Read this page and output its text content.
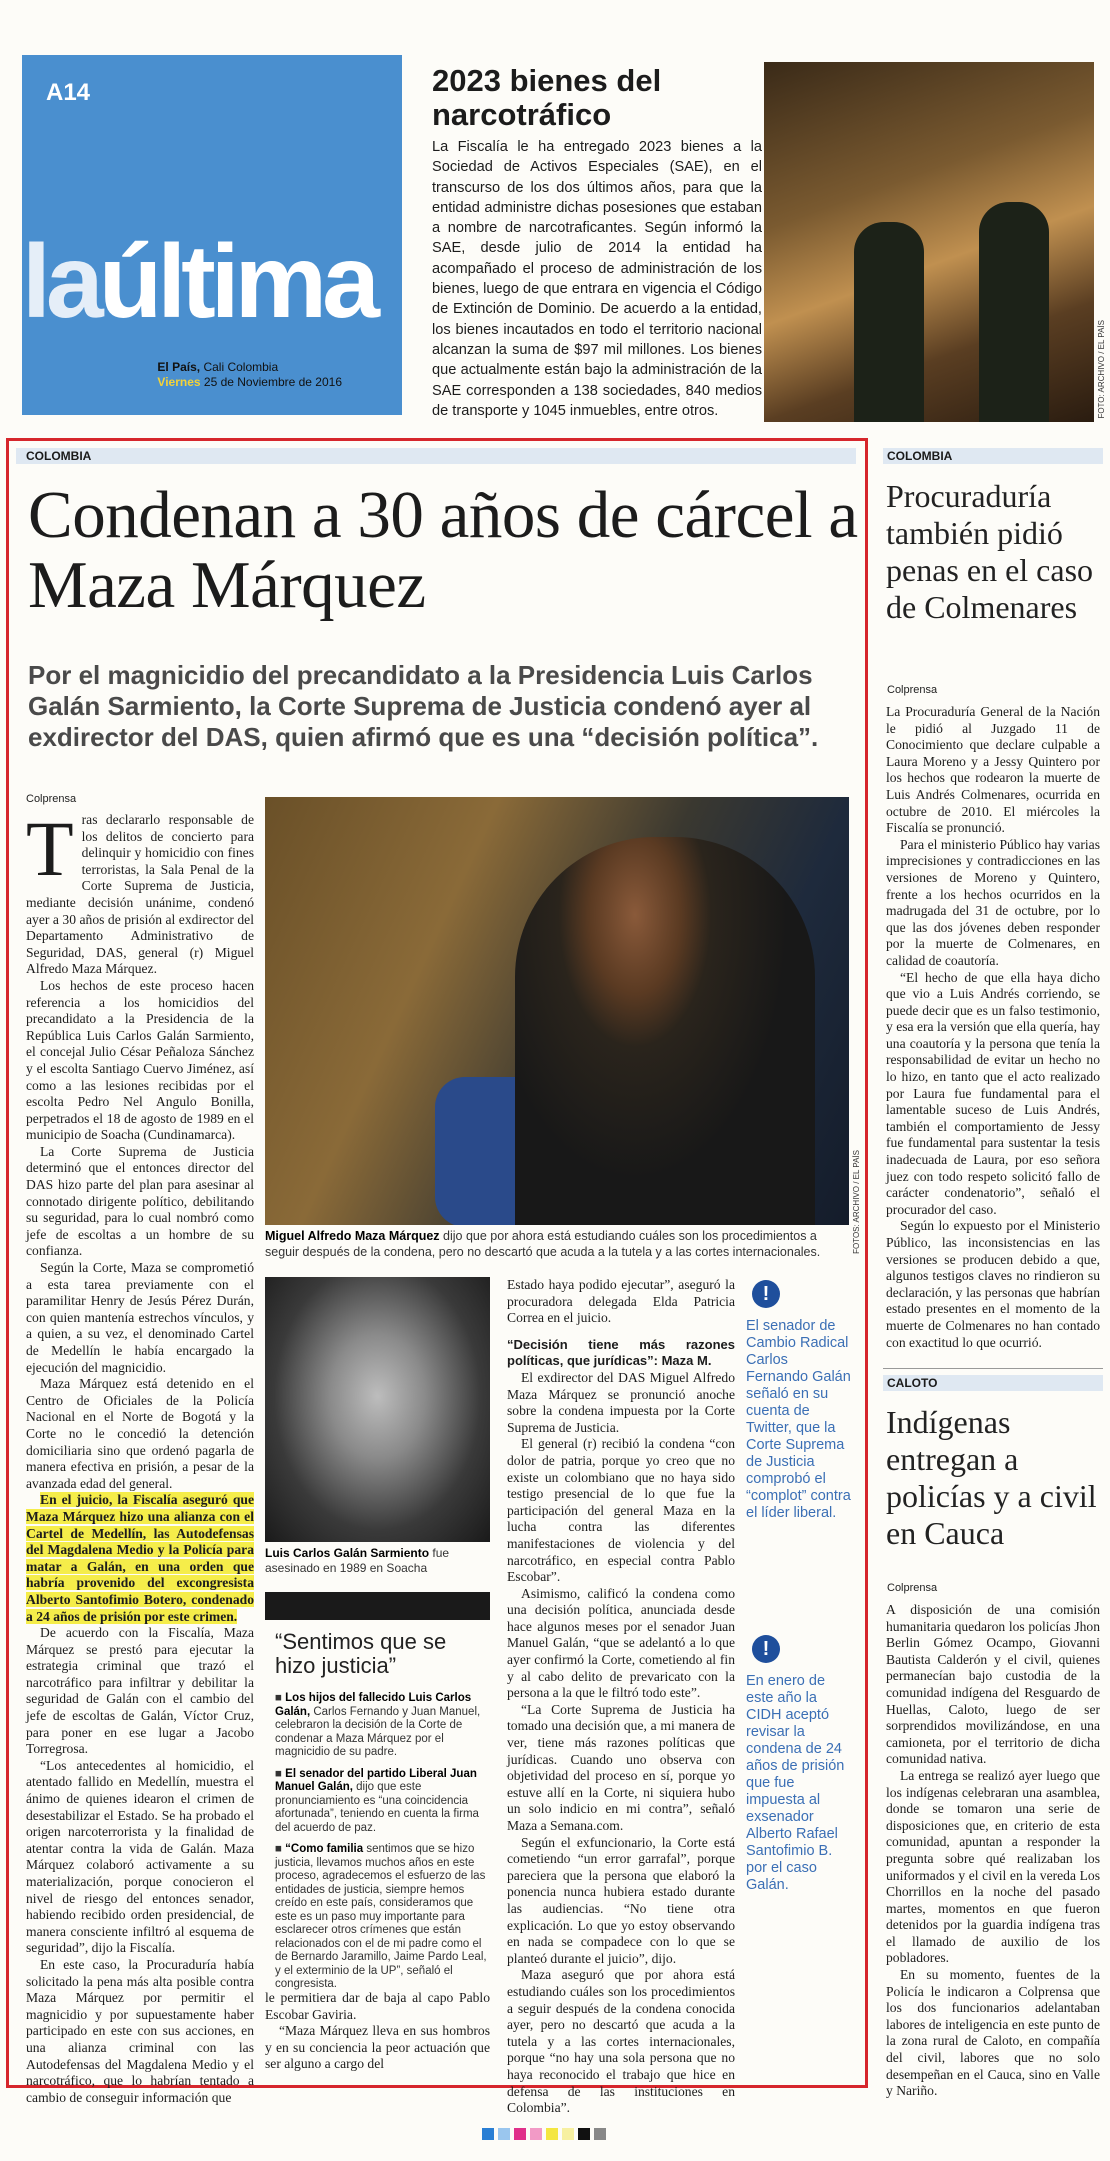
A14
laúltima
El País, Cali Colombia
Viernes 25 de Noviembre de 2016
2023 bienes del narcotráfico
La Fiscalía le ha entregado 2023 bienes a la Sociedad de Activos Especiales (SAE), en el transcurso de los dos últimos años, para que la entidad administre dichas posesiones que estaban a nombre de narcotraficantes. Según informó la SAE, desde julio de 2014 la entidad ha acompañado el proceso de administración de los bienes, luego de que entrara en vigencia el Código de Extinción de Dominio. De acuerdo a la entidad, los bienes incautados en todo el territorio nacional alcanzan la suma de $97 mil millones. Los bienes que actualmente están bajo la administración de la SAE corresponden a 138 sociedades, 840 medios de transporte y 1045 inmuebles, entre otros.	FOTO: ARCHIVO / EL PAÍS
COLOMBIA
Condenan a 30 años de cárcel a Maza Márquez
Por el magnicidio del precandidato a la Presidencia Luis Carlos Galán Sarmiento, la Corte Suprema de Justicia condenó ayer al exdirector del DAS, quien afirmó que es una “decisión política”.
Colprensa
T ras declararlo responsable de los delitos de concierto para delinquir y homicidio con fines terroristas, la Sala Penal de la Corte Suprema de Justicia, mediante decisión unánime, condenó ayer a 30 años de prisión al exdirector del Departamento Administrativo de Seguridad, DAS, general (r) Miguel Alfredo Maza Márquez.

Los hechos de este proceso hacen referencia a los homicidios del precandidato a la Presidencia de la República Luis Carlos Galán Sarmiento, el concejal Julio César Peñaloza Sánchez y el escolta Santiago Cuervo Jiménez, así como a las lesiones recibidas por el escolta Pedro Nel Angulo Bonilla, perpetrados el 18 de agosto de 1989 en el municipio de Soacha (Cundinamarca).

La Corte Suprema de Justicia determinó que el entonces director del DAS hizo parte del plan para asesinar al connotado dirigente político, debilitando su seguridad, para lo cual nombró como jefe de escoltas a un hombre de su confianza.

Según la Corte, Maza se comprometió a esta tarea previamente con el paramilitar Henry de Jesús Pérez Durán, con quien mantenía estrechos vínculos, y a quien, a su vez, el denominado Cartel de Medellín le había encargado la ejecución del magnicidio.

Maza Márquez está detenido en el Centro de Oficiales de la Policía Nacional en el Norte de Bogotá y la Corte no le concedió la detención domiciliaria sino que ordenó pagarla de manera efectiva en prisión, a pesar de la avanzada edad del general.

En el juicio, la Fiscalía aseguró que Maza Márquez hizo una alianza con el Cartel de Medellín, las Autodefensas del Magdalena Medio y la Policía para matar a Galán, en una orden que habría provenido del excongresista Alberto Santofimio Botero, condenado a 24 años de prisión por este crimen.

De acuerdo con la Fiscalía, Maza Márquez se prestó para ejecutar la estrategia criminal que trazó el narcotráfico para infiltrar y debilitar la seguridad de Galán con el cambio del jefe de escoltas de Galán, Víctor Cruz, para poner en ese lugar a Jacobo Torregrosa.

“Los antecedentes al homicidio, el atentado fallido en Medellín, muestra el ánimo de quienes idearon el crimen de desestabilizar el Estado. Se ha probado el origen narcoterrorista y la finalidad de atentar contra la vida de Galán. Maza Márquez colaboró activamente a su materialización, porque conocieron el nivel de riesgo del entonces senador, habiendo recibido orden presidencial, de manera consciente infiltró al esquema de seguridad”, dijo la Fiscalía.

En este caso, la Procuraduría había solicitado la pena más alta posible contra Maza Márquez por permitir el magnicidio y por supuestamente haber participado en este con sus acciones, en una alianza criminal con las Autodefensas del Magdalena Medio y el narcotráfico, que lo habrían tentado a cambio de conseguir información que

FOTOS: ARCHIVO / EL PAÍS
Miguel Alfredo Maza Márquez dijo que por ahora está estudiando cuáles son los procedimientos a seguir después de la condena, pero no descartó que acuda a la tutela y a las cortes internacionales.
Luis Carlos Galán Sarmiento fue asesinado en 1989 en Soacha
“Sentimos que se hizo justicia”

■ Los hijos del fallecido Luis Carlos Galán, Carlos Fernando y Juan Manuel, celebraron la decisión de la Corte de condenar a Maza Márquez por el magnicidio de su padre.

■ El senador del partido Liberal Juan Manuel Galán, dijo que este pronunciamiento es “una coincidencia afortunada”, teniendo en cuenta la firma del acuerdo de paz.

■ “Como familia sentimos que se hizo justicia, llevamos muchos años en este proceso, agradecemos el esfuerzo de las entidades de justicia, siempre hemos creído en este país, consideramos que este es un paso muy importante para esclarecer otros crímenes que están relacionados con el de mi padre como el de Bernardo Jaramillo, Jaime Pardo Leal, y el exterminio de la UP”, señaló el congresista.

le permitiera dar de baja al capo Pablo Escobar Gaviria.

“Maza Márquez lleva en sus hombros y en su conciencia la peor actuación que ser alguno a cargo del

Estado haya podido ejecutar”, aseguró la procuradora delegada Elda Patricia Correa en el juicio.

“Decisión tiene más razones políticas, que jurídicas”: Maza M.

El exdirector del DAS Miguel Alfredo Maza Márquez se pronunció anoche sobre la condena impuesta por la Corte Suprema de Justicia.

El general (r) recibió la condena “con dolor de patria, porque yo creo que no existe un colombiano que no haya sido testigo presencial de lo que fue la participación del general Maza en la lucha contra las diferentes manifestaciones de violencia y del narcotráfico, en especial contra Pablo Escobar”.

Asimismo, calificó la condena como una decisión política, anunciada desde hace algunos meses por el senador Juan Manuel Galán, “que se adelantó a lo que ayer confirmó la Corte, cometiendo al fin y al cabo delito de prevaricato con la persona a la que le filtró todo este”.

“La Corte Suprema de Justicia ha tomado una decisión que, a mi manera de ver, tiene más razones políticas que jurídicas. Cuando uno observa con objetividad del proceso en sí, porque yo estuve allí en la Corte, ni siquiera hubo un solo indicio en mi contra”, señaló Maza a Semana.com.

Según el exfuncionario, la Corte está cometiendo “un error garrafal”, porque pareciera que la persona que elaboró la ponencia nunca hubiera estado durante las audiencias. “No tiene otra explicación. Lo que yo estoy observando en nada se compadece con lo que se planteó durante el juicio”, dijo.

Maza aseguró que por ahora está estudiando cuáles son los procedimientos a seguir después de la condena conocida ayer, pero no descartó que acuda a la tutela y a las cortes internacionales, porque “no hay una sola persona que no haya reconocido el trabajo que hice en defensa de las instituciones en Colombia”.

!
El senador de Cambio Radical Carlos Fernando Galán señaló en su cuenta de Twitter, que la Corte Suprema de Justicia comprobó el “complot” contra el líder liberal.
!
En enero de este año la CIDH aceptó revisar la condena de 24 años de prisión que fue impuesta al exsenador Alberto Rafael Santofimio B. por el caso Galán.
COLOMBIA
Procuraduría también pidió penas en el caso de Colmenares
Colprensa

La Procuraduría General de la Nación le pidió al Juzgado 11 de Conocimiento que declare culpable a Laura Moreno y a Jessy Quintero por los hechos que rodearon la muerte de Luis Andrés Colmenares, ocurrida en octubre de 2010. El miércoles la Fiscalía se pronunció.

Para el ministerio Público hay varias imprecisiones y contradicciones en las versiones de Moreno y Quintero, frente a los hechos ocurridos en la madrugada del 31 de octubre, por lo que las dos jóvenes deben responder por la muerte de Colmenares, en calidad de coautoría.

“El hecho de que ella haya dicho que vio a Luis Andrés corriendo, se puede decir que es un falso testimonio, y esa era la versión que ella quería, hay una coautoría y la persona que tenía la responsabilidad de evitar un hecho no lo hizo, en tanto que el acto realizado por Laura fue fundamental para el lamentable suceso de Luis Andrés, también el comportamiento de Jessy fue fundamental para sustentar la tesis inadecuada de Laura, por eso señora juez con todo respeto solicitó fallo de carácter condenatorio”, señaló el procurador del caso.

Según lo expuesto por el Ministerio Público, las inconsistencias en las versiones se producen debido a que, algunos testigos claves no rindieron su declaración, y las personas que habrían estado presentes en el momento de la muerte de Colmenares no han contado con exactitud lo que ocurrió.

CALOTO
Indígenas entregan a policías y a civil en Cauca
Colprensa

A disposición de una comisión humanitaria quedaron los policías Jhon Berlin Gómez Ocampo, Giovanni Bautista Calderón y el civil, quienes permanecían bajo custodia de la comunidad indígena del Resguardo de Huellas, Caloto, luego de ser sorprendidos movilizándose, en una camioneta, por el territorio de dicha comunidad nativa.

La entrega se realizó ayer luego que los indígenas celebraran una asamblea, donde se tomaron una serie de disposiciones que, en criterio de esta comunidad, apuntan a responder la pregunta sobre qué realizaban los uniformados y el civil en la vereda Los Chorrillos en la noche del pasado martes, momentos en que fueron detenidos por la guardia indígena tras el llamado de auxilio de los pobladores.

En su momento, fuentes de la Policía le indicaron a Colprensa que los dos funcionarios adelantaban labores de inteligencia en este punto de la zona rural de Caloto, en compañía del civil, labores que no solo desempeñan en el Cauca, sino en Valle y Nariño.
